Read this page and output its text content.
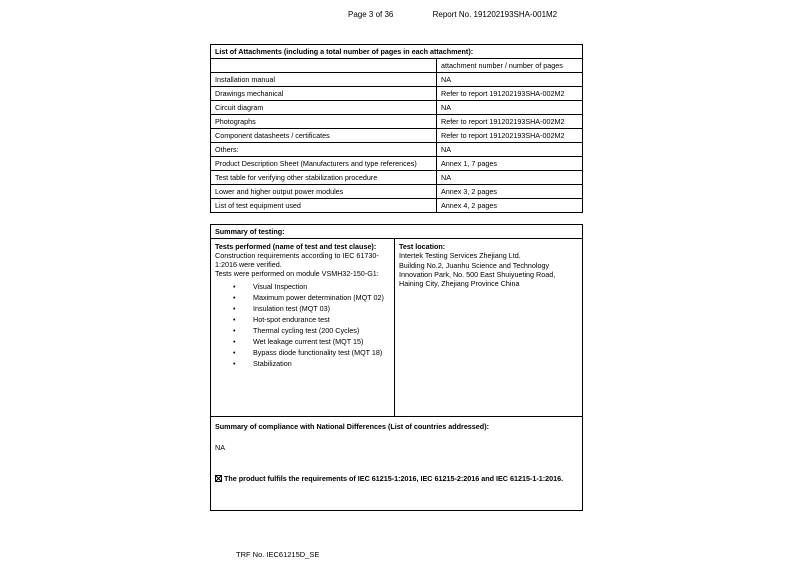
Page 3 of 36	Report No. 191202193SHA-001M2
List of Attachments (including a total number of pages in each attachment):	
	attachment number / number of pages
Installation manual	NA
Drawings mechanical	Refer to report 191202193SHA-002M2
Circuit diagram	NA
Photographs	Refer to report 191202193SHA-002M2
Component datasheets / certificates	Refer to report 191202193SHA-002M2
Others:	NA
Product Description Sheet (Manufacturers and type references)	Annex 1, 7 pages
Test table for verifying other stabilization procedure	NA
Lower and higher output power modules	Annex 3, 2 pages
List of test equipment used	Annex 4, 2 pages
Summary of testing:

Tests performed (name of test and test clause):

Construction requirements according to IEC 61730-1:2016 were verified.

Tests were performed on module VSMH32-150-G1:

• Visual Inspection
• Maximum power determination (MQT 02)
• Insulation test (MQT 03)
• Hot-spot endurance test
• Thermal cycling test (200 Cycles)
• Wet leakage current test (MQT 15)
• Bypass diode functionality test (MQT 18)
• Stabilization

Test location:

Intertek Testing Services Zhejiang Ltd.

Building No.2, Juanhu Science and Technology Innovation Park, No. 500 East Shuiyueting Road, Haining City, Zhejiang Province China

Summary of compliance with National Differences (List of countries addressed):

NA

The product fulfils the requirements of IEC 61215-1:2016, IEC 61215-2:2016 and IEC 61215-1-1:2016.

TRF No. IEC61215D_SE
